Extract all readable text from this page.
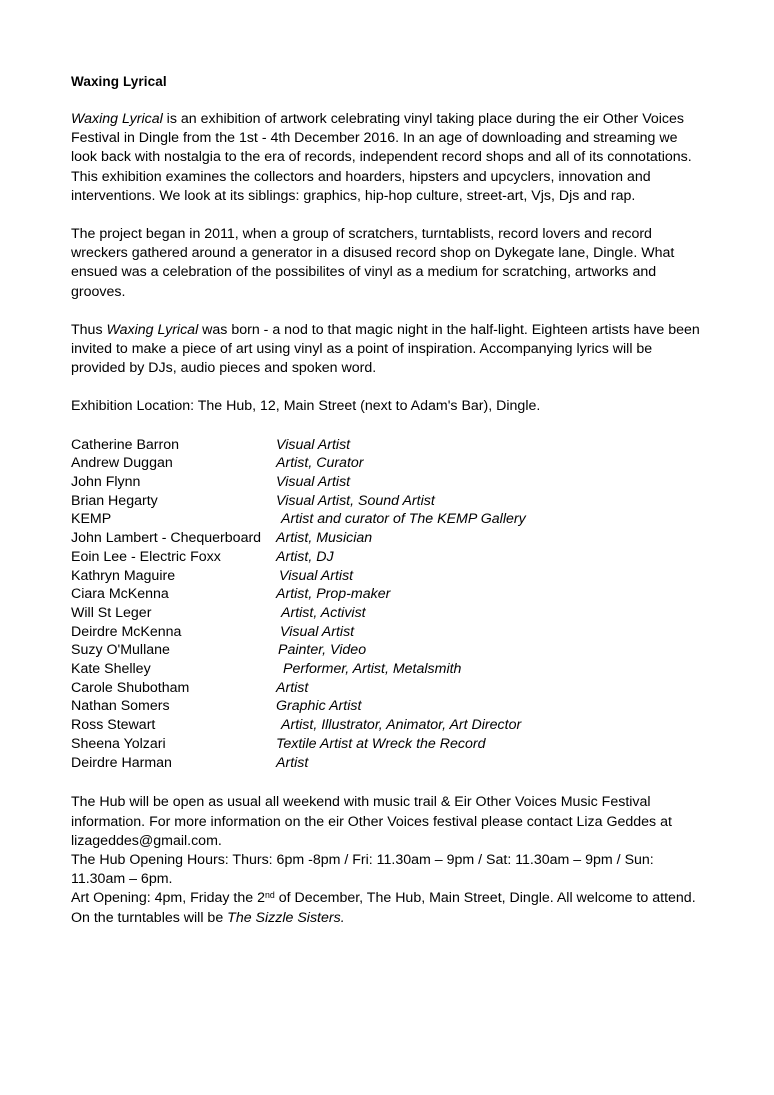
Waxing Lyrical

Waxing Lyrical is an exhibition of artwork celebrating vinyl taking place during the eir Other Voices Festival in Dingle from the 1st - 4th December 2016. In an age of downloading and streaming we look back with nostalgia to the era of records, independent record shops and all of its connotations. This exhibition examines the collectors and hoarders, hipsters and upcyclers, innovation and interventions. We look at its siblings: graphics, hip-hop culture, street-art, Vjs, Djs and rap.

The project began in 2011, when a group of scratchers, turntablists, record lovers and record wreckers gathered around a generator in a disused record shop on Dykegate lane, Dingle. What ensued was a celebration of the possibilites of vinyl as a medium for scratching, artworks and grooves.

Thus Waxing Lyrical was born - a nod to that magic night in the half-light. Eighteen artists have been invited to make a piece of art using vinyl as a point of inspiration. Accompanying lyrics will be provided by DJs, audio pieces and spoken word.

Exhibition Location: The Hub, 12, Main Street (next to Adam's Bar), Dingle.

Catherine Barron	Visual Artist
Andrew Duggan	Artist, Curator
John Flynn	Visual Artist
Brian Hegarty	Visual Artist, Sound Artist
KEMP	Artist and curator of The KEMP Gallery
John Lambert - Chequerboard	Artist, Musician
Eoin Lee - Electric Foxx	Artist, DJ
Kathryn Maguire	Visual Artist
Ciara McKenna	Artist, Prop-maker
Will St Leger	Artist, Activist
Deirdre McKenna	Visual Artist
Suzy O'Mullane	Painter, Video
Kate Shelley	Performer, Artist, Metalsmith
Carole Shubotham	Artist
Nathan Somers	Graphic Artist
Ross Stewart	Artist, Illustrator, Animator, Art Director
Sheena Yolzari	Textile Artist at Wreck the Record
Deirdre Harman	Artist

The Hub will be open as usual all weekend with music trail & Eir Other Voices Music Festival information. For more information on the eir Other Voices festival please contact Liza Geddes at lizageddes@gmail.com.

The Hub Opening Hours: Thurs: 6pm -8pm / Fri: 11.30am – 9pm / Sat: 11.30am – 9pm / Sun: 11.30am – 6pm.

Art Opening: 4pm, Friday the 2nd of December, The Hub, Main Street, Dingle. All welcome to attend.

On the turntables will be The Sizzle Sisters.
